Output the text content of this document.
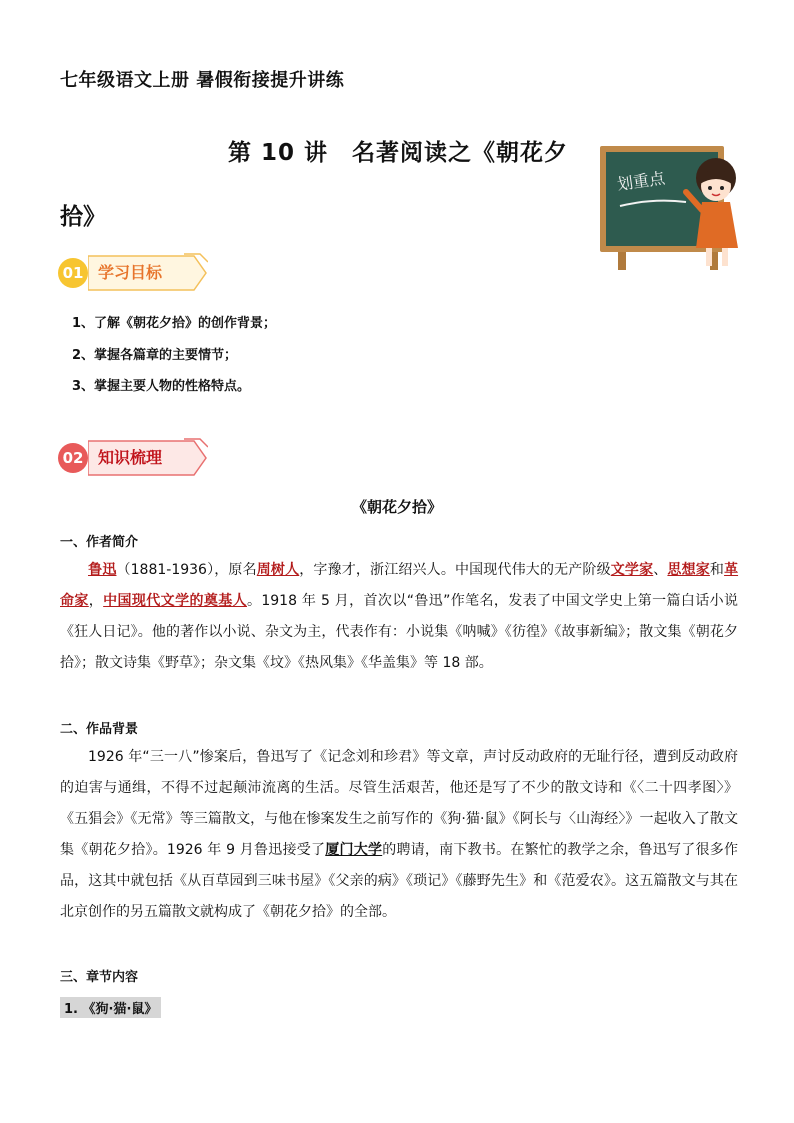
七年级语文上册 暑假衔接提升讲练
第 10 讲　名著阅读之《朝花夕
拾》
划重点
01 学习目标
1、了解《朝花夕拾》的创作背景；
2、掌握各篇章的主要情节；
3、掌握主要人物的性格特点。
02 知识梳理
《朝花夕拾》
一、作者简介
鲁迅（1881-1936），原名周树人，字豫才，浙江绍兴人。中国现代伟大的无产阶级文学家、思想家和革命家，中国现代文学的奠基人。1918 年 5 月，首次以“鲁迅”作笔名，发表了中国文学史上第一篇白话小说《狂人日记》。他的著作以小说、杂文为主，代表作有：小说集《呐喊》《彷徨》《故事新编》；散文集《朝花夕拾》；散文诗集《野草》；杂文集《坟》《热风集》《华盖集》等 18 部。
二、作品背景
1926 年“三一八”惨案后，鲁迅写了《记念刘和珍君》等文章，声讨反动政府的无耻行径，遭到反动政府的迫害与通缉，不得不过起颠沛流离的生活。尽管生活艰苦，他还是写了不少的散文诗和《〈二十四孝图〉》《五猖会》《无常》等三篇散文，与他在惨案发生之前写作的《狗·猫·鼠》《阿长与〈山海经〉》一起收入了散文集《朝花夕拾》。1926 年 9 月鲁迅接受了厦门大学的聘请，南下教书。在繁忙的教学之余，鲁迅写了很多作品，这其中就包括《从百草园到三味书屋》《父亲的病》《琐记》《藤野先生》和《范爱农》。这五篇散文与其在北京创作的另五篇散文就构成了《朝花夕拾》的全部。
三、章节内容
1. 《狗·猫·鼠》
